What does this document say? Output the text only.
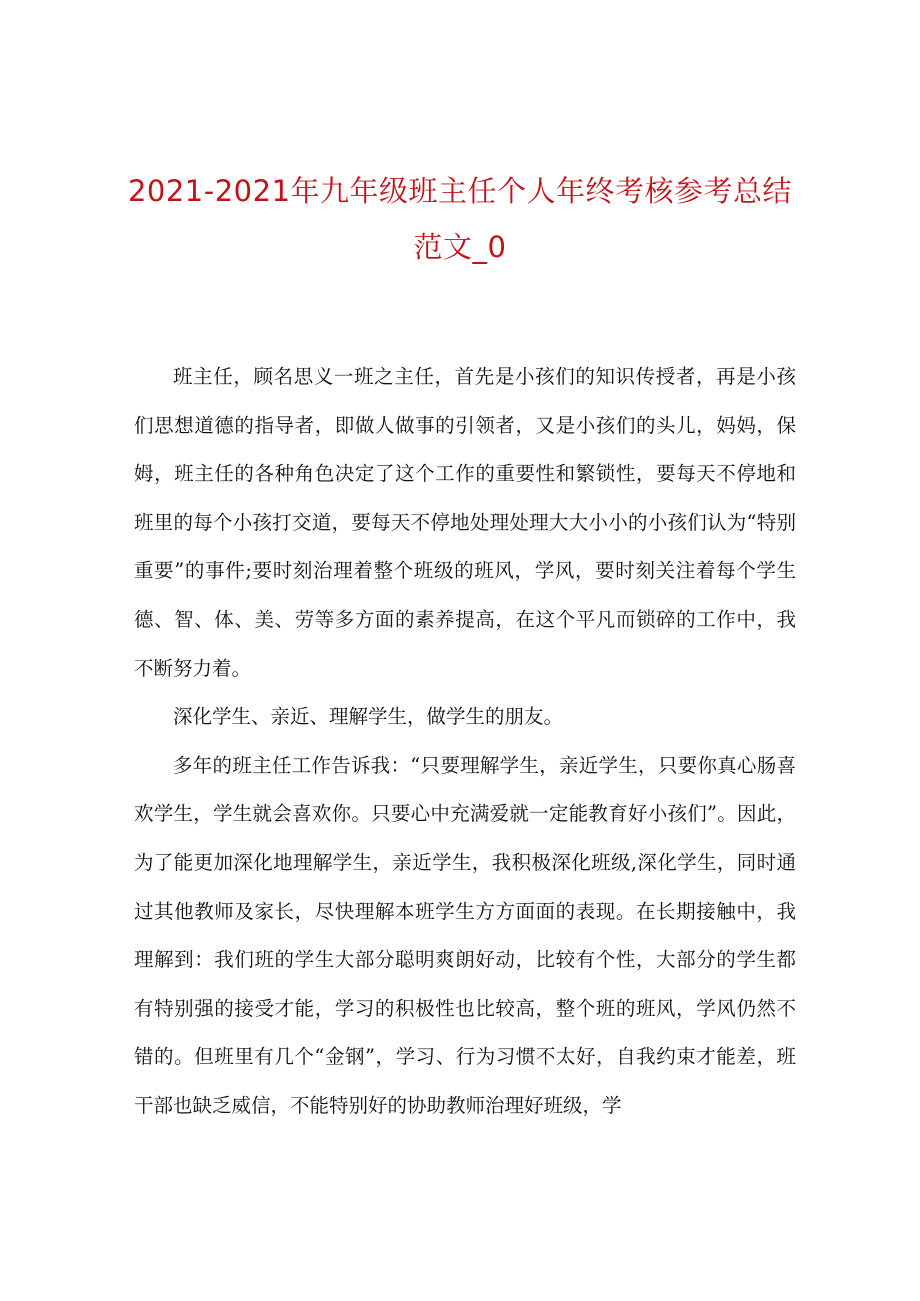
2021-2021年九年级班主任个人年终考核参考总结
范文_0

班主任，顾名思义一班之主任，首先是小孩们的知识传授者，再是小孩们思想道德的指导者，即做人做事的引领者，又是小孩们的头儿，妈妈，保姆，班主任的各种角色决定了这个工作的重要性和繁锁性，要每天不停地和班里的每个小孩打交道，要每天不停地处理处理大大小小的小孩们认为“特别重要”的事件;要时刻治理着整个班级的班风，学风，要时刻关注着每个学生德、智、体、美、劳等多方面的素养提高，在这个平凡而锁碎的工作中，我不断努力着。

深化学生、亲近、理解学生，做学生的朋友。

多年的班主任工作告诉我：“只要理解学生，亲近学生，只要你真心肠喜欢学生，学生就会喜欢你。只要心中充满爱就一定能教育好小孩们”。因此，为了能更加深化地理解学生，亲近学生，我积极深化班级,深化学生，同时通过其他教师及家长，尽快理解本班学生方方面面的表现。在长期接触中，我理解到：我们班的学生大部分聪明爽朗好动，比较有个性，大部分的学生都有特别强的接受才能，学习的积极性也比较高，整个班的班风，学风仍然不错的。但班里有几个“金钢”，学习、行为习惯不太好，自我约束才能差，班干部也缺乏威信，不能特别好的协助教师治理好班级，学
